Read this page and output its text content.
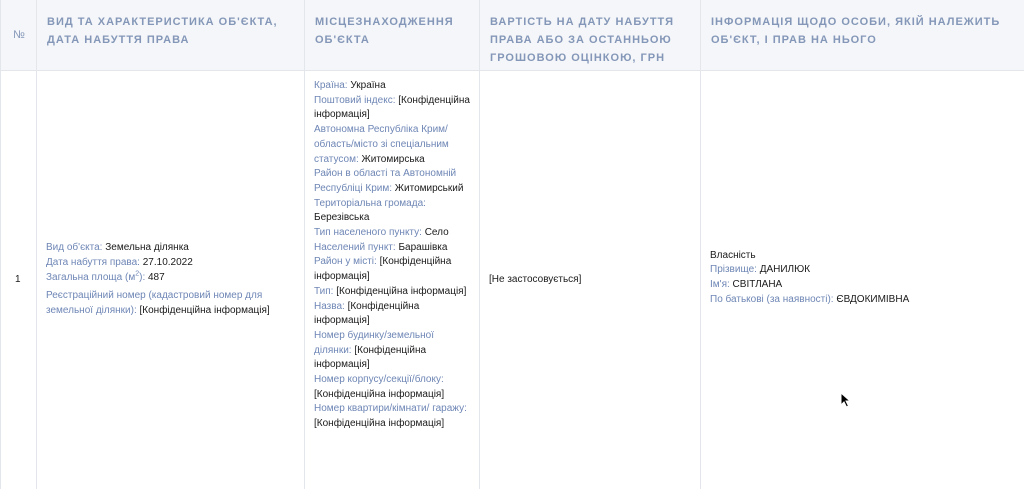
№
ВИД ТА ХАРАКТЕРИСТИКА ОБ'ЄКТА, ДАТА НАБУТТЯ ПРАВА
МІСЦЕЗНАХОДЖЕННЯ ОБ'ЄКТА
ВАРТІСТЬ НА ДАТУ НАБУТТЯ ПРАВА АБО ЗА ОСТАННЬОЮ ГРОШОВОЮ ОЦІНКОЮ, ГРН
ІНФОРМАЦІЯ ЩОДО ОСОБИ, ЯКІЙ НАЛЕЖИТЬ ОБ'ЄКТ, І ПРАВ НА НЬОГО
1
Вид об'єкта: Земельна ділянка
Дата набуття права: 27.10.2022
Загальна площа $(м^2)$: 487
Реєстраційний номер (кадастровий номер для земельної ділянки): [Конфіденційна інформація]
Країна: Україна
Поштовий індекс: [Конфіденційна інформація]
Автономна Республіка Крим/ область/місто зі спеціальним статусом: Житомирська
Район в області та Автономній Республіці Крим: Житомирський
Територіальна громада: Березівська
Тип населеного пункту: Село
Населений пункт: Барашівка
Район у місті: [Конфіденційна інформація]
Тип: [Конфіденційна інформація]
Назва: [Конфіденційна інформація]
Номер будинку/земельної ділянки: [Конфіденційна інформація]
Номер корпусу/секції/блоку: [Конфіденційна інформація]
Номер квартири/кімнати/ гаражу: [Конфіденційна інформація]
[Не застосовується]
Власність
Прізвище: ДАНИЛЮК
Ім'я: СВІТЛАНА
По батькові (за наявності): ЄВДОКИМІВНА
